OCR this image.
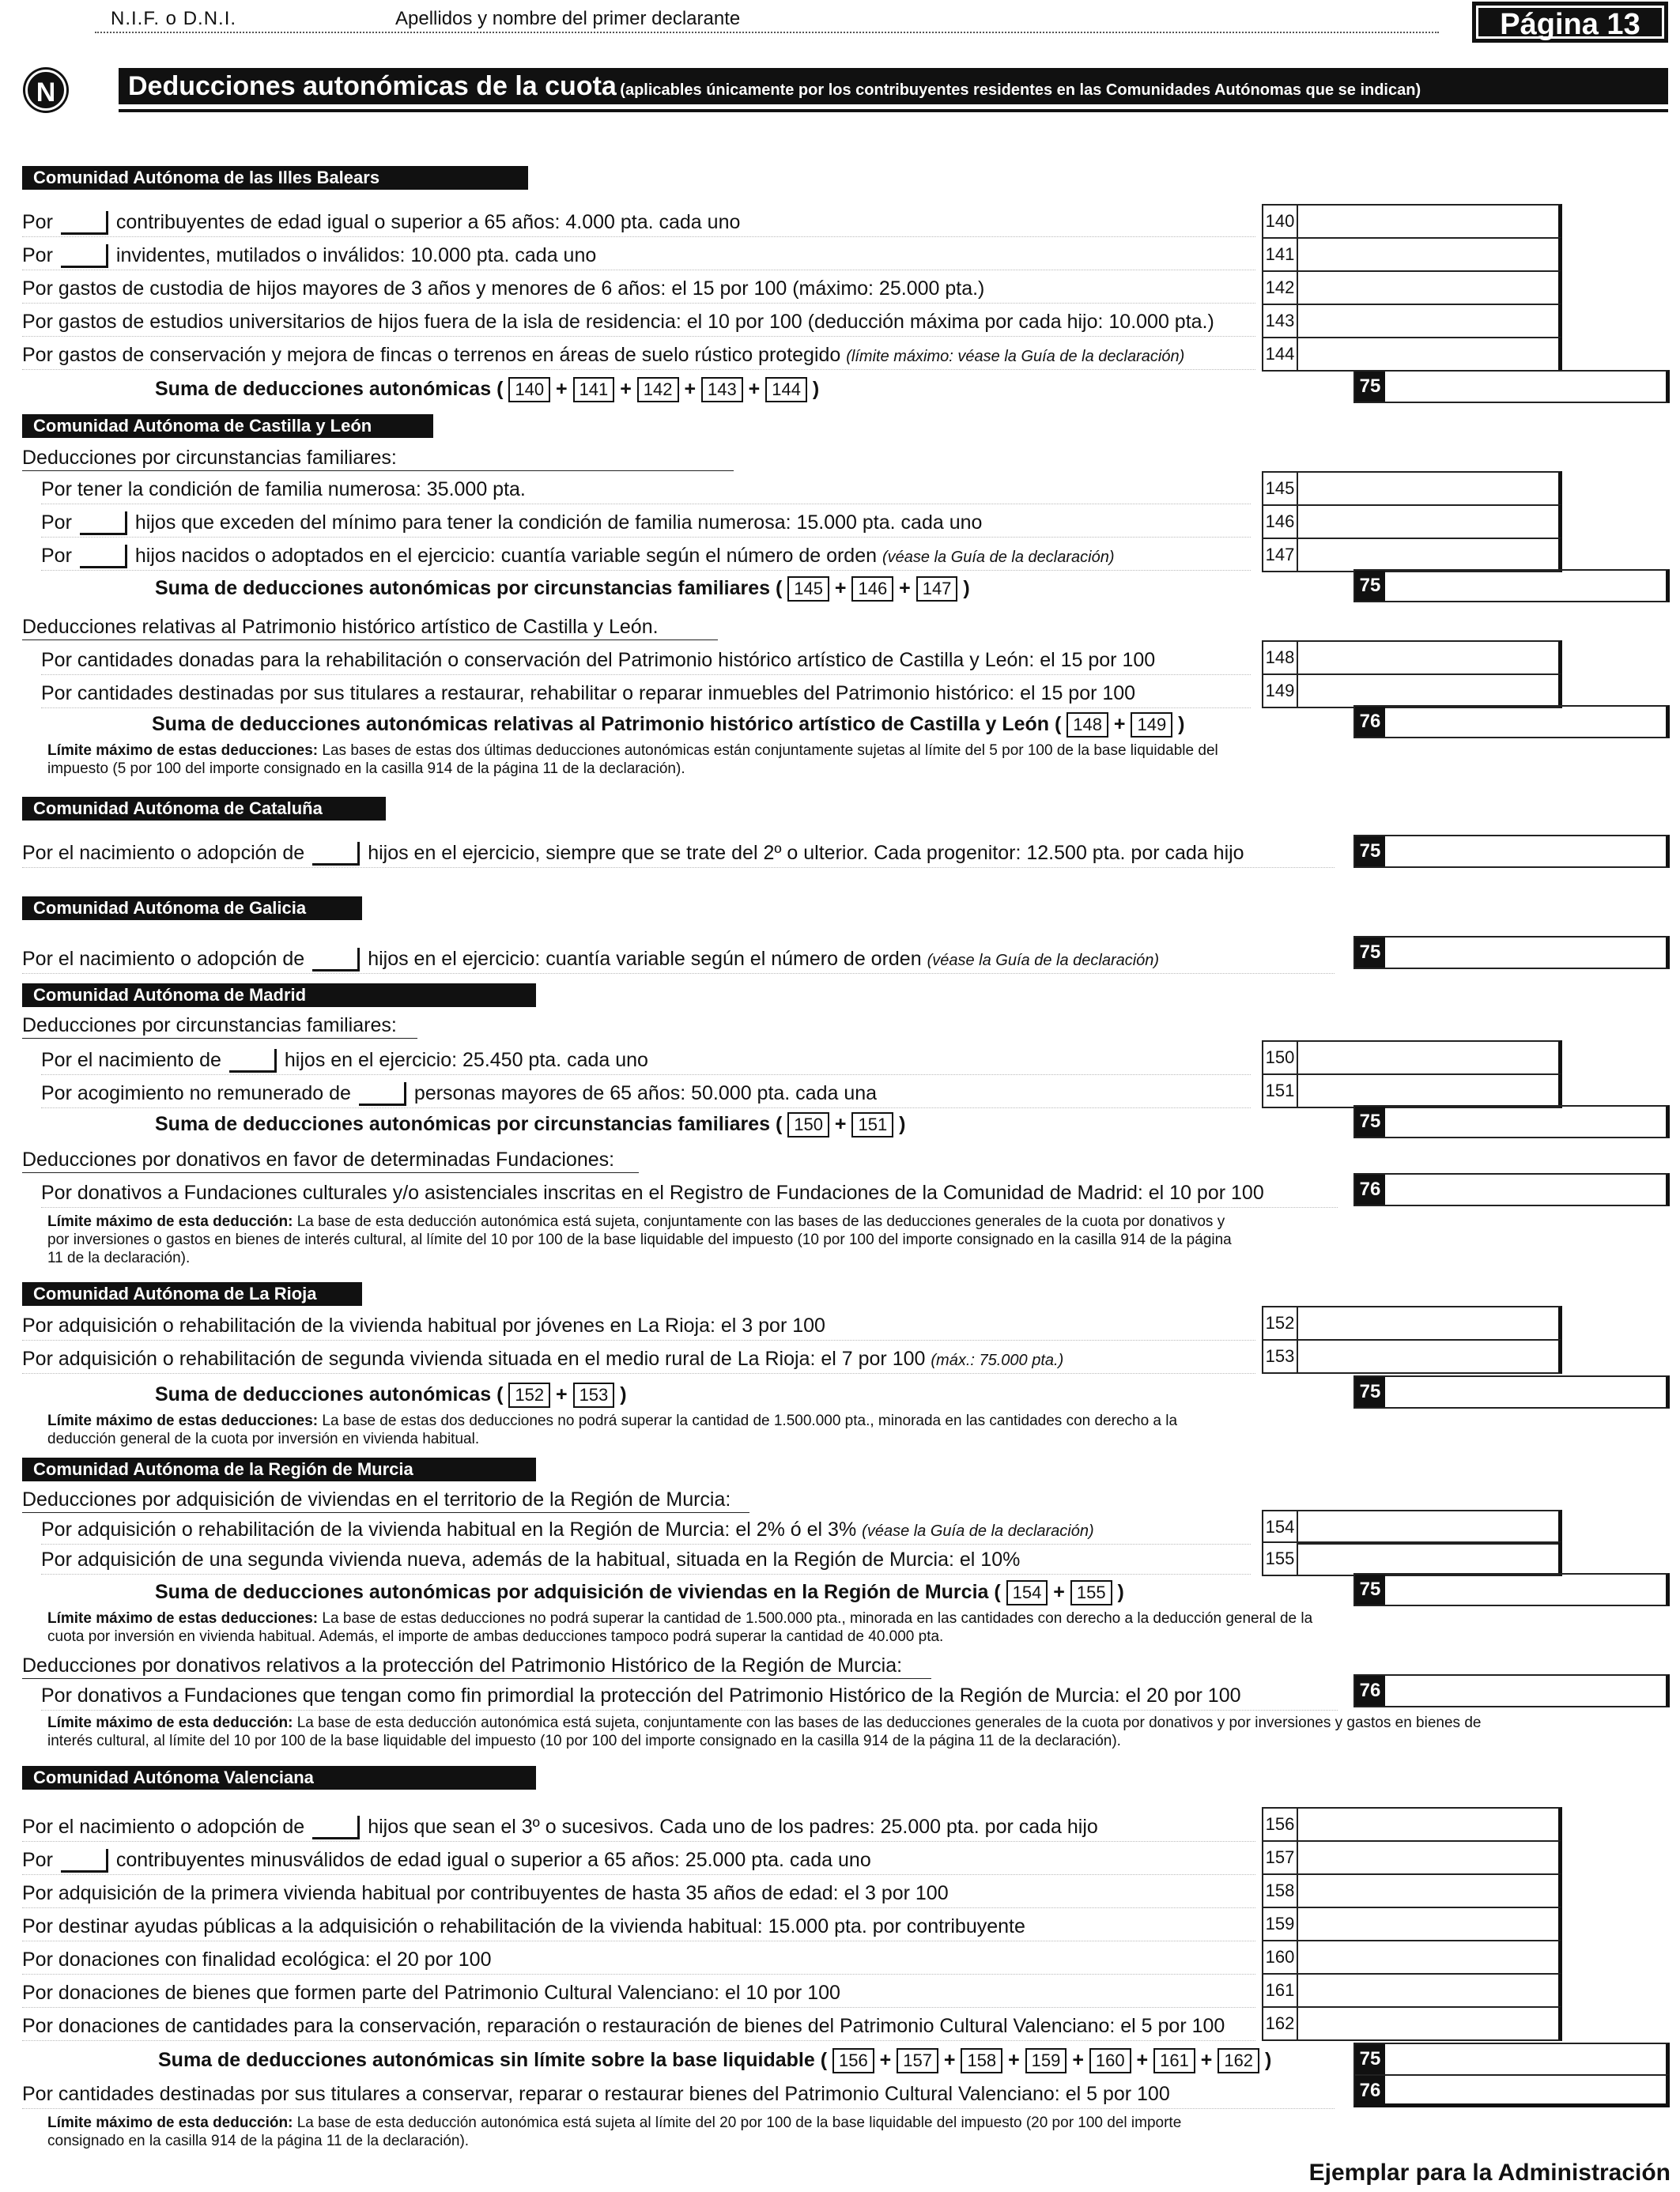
N.I.F. o D.N.I.	Apellidos y nombre del primer declarante	Página 13
N	Deducciones autonómicas de la cuota (aplicables únicamente por los contribuyentes residentes en las Comunidades Autónomas que se indican)
Comunidad Autónoma de las Illes Balears
Por	contribuyentes de edad igual o superior a 65 años: 4.000 pta. cada uno	140
Por	invidentes, mutilados o inválidos: 10.000 pta. cada uno	141
Por gastos de custodia de hijos mayores de 3 años y menores de 6 años: el 15 por 100 (máximo: 25.000 pta.)	142
Por gastos de estudios universitarios de hijos fuera de la isla de residencia: el 10 por 100 (deducción máxima por cada hijo: 10.000 pta.)	143
Por gastos de conservación y mejora de fincas o terrenos en áreas de suelo rústico protegido (límite máximo: véase la Guía de la declaración)	144
Suma de deducciones autonómicas ( 140 + 141 + 142 + 143 + 144 )	75
Comunidad Autónoma de Castilla y León
Deducciones por circunstancias familiares:
Por tener la condición de familia numerosa: 35.000 pta.	145
Por	hijos que exceden del mínimo para tener la condición de familia numerosa: 15.000 pta. cada uno	146
Por	hijos nacidos o adoptados en el ejercicio: cuantía variable según el número de orden (véase la Guía de la declaración)	147
Suma de deducciones autonómicas por circunstancias familiares ( 145 + 146 + 147 )	75
Deducciones relativas al Patrimonio histórico artístico de Castilla y León.
Por cantidades donadas para la rehabilitación o conservación del Patrimonio histórico artístico de Castilla y León: el 15 por 100	148
Por cantidades destinadas por sus titulares a restaurar, rehabilitar o reparar inmuebles del Patrimonio histórico: el 15 por 100	149
Suma de deducciones autonómicas relativas al Patrimonio histórico artístico de Castilla y León ( 148 + 149 )	76
Límite máximo de estas deducciones: Las bases de estas dos últimas deducciones autonómicas están conjuntamente sujetas al límite del 5 por 100 de la base liquidable del impuesto (5 por 100 del importe consignado en la casilla 914 de la página 11 de la declaración).
Comunidad Autónoma de Cataluña
Por el nacimiento o adopción de	hijos en el ejercicio, siempre que se trate del 2º o ulterior. Cada progenitor: 12.500 pta. por cada hijo	75
Comunidad Autónoma de Galicia
Por el nacimiento o adopción de	hijos en el ejercicio: cuantía variable según el número de orden (véase la Guía de la declaración)	75
Comunidad Autónoma de Madrid
Deducciones por circunstancias familiares:
Por el nacimiento de	hijos en el ejercicio: 25.450 pta. cada uno	150
Por acogimiento no remunerado de	personas mayores de 65 años: 50.000 pta. cada una	151
Suma de deducciones autonómicas por circunstancias familiares ( 150 + 151 )	75
Deducciones por donativos en favor de determinadas Fundaciones:
Por donativos a Fundaciones culturales y/o asistenciales inscritas en el Registro de Fundaciones de la Comunidad de Madrid: el 10 por 100	76
Límite máximo de esta deducción: La base de esta deducción autonómica está sujeta, conjuntamente con las bases de las deducciones generales de la cuota por donativos y por inversiones o gastos en bienes de interés cultural, al límite del 10 por 100 de la base liquidable del impuesto (10 por 100 del importe consignado en la casilla 914 de la página 11 de la declaración).
Comunidad Autónoma de La Rioja
Por adquisición o rehabilitación de la vivienda habitual por jóvenes en La Rioja: el 3 por 100	152
Por adquisición o rehabilitación de segunda vivienda situada en el medio rural de La Rioja: el 7 por 100 (máx.: 75.000 pta.)	153
Suma de deducciones autonómicas ( 152 + 153 )	75
Límite máximo de estas deducciones: La base de estas dos deducciones no podrá superar la cantidad de 1.500.000 pta., minorada en las cantidades con derecho a la deducción general de la cuota por inversión en vivienda habitual.
Comunidad Autónoma de la Región de Murcia
Deducciones por adquisición de viviendas en el territorio de la Región de Murcia:
Por adquisición o rehabilitación de la vivienda habitual en la Región de Murcia: el 2% ó el 3% (véase la Guía de la declaración)	154
Por adquisición de una segunda vivienda nueva, además de la habitual, situada en la Región de Murcia: el 10%	155
Suma de deducciones autonómicas por adquisición de viviendas en la Región de Murcia ( 154 + 155 )	75
Límite máximo de estas deducciones: La base de estas deducciones no podrá superar la cantidad de 1.500.000 pta., minorada en las cantidades con derecho a la deducción general de la cuota por inversión en vivienda habitual. Además, el importe de ambas deducciones tampoco podrá superar la cantidad de 40.000 pta.
Deducciones por donativos relativos a la protección del Patrimonio Histórico de la Región de Murcia:
Por donativos a Fundaciones que tengan como fin primordial la protección del Patrimonio Histórico de la Región de Murcia: el 20 por 100	76
Límite máximo de esta deducción: La base de esta deducción autonómica está sujeta, conjuntamente con las bases de las deducciones generales de la cuota por donativos y por inversiones y gastos en bienes de interés cultural, al límite del 10 por 100 de la base liquidable del impuesto (10 por 100 del importe consignado en la casilla 914 de la página 11 de la declaración).
Comunidad Autónoma Valenciana
Por el nacimiento o adopción de	hijos que sean el 3º o sucesivos. Cada uno de los padres: 25.000 pta. por cada hijo	156
Por	contribuyentes minusválidos de edad igual o superior a 65 años: 25.000 pta. cada uno	157
Por adquisición de la primera vivienda habitual por contribuyentes de hasta 35 años de edad: el 3 por 100	158
Por destinar ayudas públicas a la adquisición o rehabilitación de la vivienda habitual: 15.000 pta. por contribuyente	159
Por donaciones con finalidad ecológica: el 20 por 100	160
Por donaciones de bienes que formen parte del Patrimonio Cultural Valenciano: el 10 por 100	161
Por donaciones de cantidades para la conservación, reparación o restauración de bienes del Patrimonio Cultural Valenciano: el 5 por 100	162
Suma de deducciones autonómicas sin límite sobre la base liquidable ( 156 + 157 + 158 + 159 + 160 + 161 + 162 )	75
Por cantidades destinadas por sus titulares a conservar, reparar o restaurar bienes del Patrimonio Cultural Valenciano: el 5 por 100	76
Límite máximo de esta deducción: La base de esta deducción autonómica está sujeta al límite del 20 por 100 de la base liquidable del impuesto (20 por 100 del importe consignado en la casilla 914 de la página 11 de la declaración).
Ejemplar para la Administración
